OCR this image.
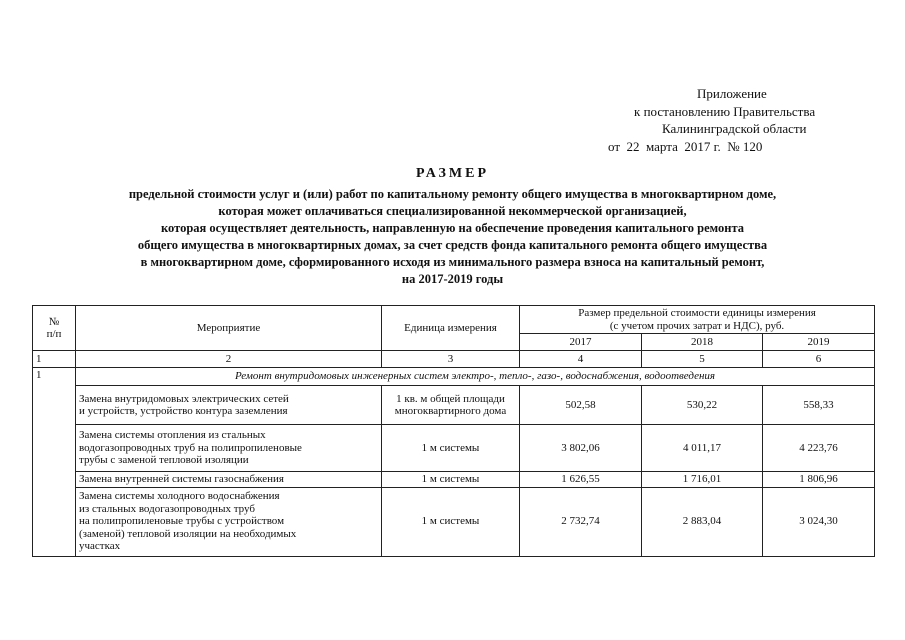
Приложение
к постановлению Правительства
Калининградской области
от  22  марта  2017 г.  № 120
РАЗМЕР
предельной стоимости услуг и (или) работ по капитальному ремонту общего имущества в многоквартирном доме,
которая может оплачиваться специализированной некоммерческой организацией,
которая осуществляет деятельность, направленную на обеспечение проведения капитального ремонта
общего имущества в многоквартирных домах, за счет средств фонда капитального ремонта общего имущества
в многоквартирном доме, сформированного исходя из минимального размера взноса на капитальный ремонт,
на 2017-2019 годы
№
п/п	Мероприятие	Единица измерения	Размер предельной стоимости единицы измерения
(с учетом прочих затрат и НДС), руб.		
			2017	2018	2019
1	2	3	4	5	6
1	Ремонт внутридомовых инженерных систем электро-, тепло-, газо-, водоснабжения, водоотведения				
	Замена внутридомовых электрических сетей
и устройств, устройство контура заземления	1 кв. м общей площади
многоквартирного дома	502,58	530,22	558,33
	Замена системы отопления из стальных
водогазопроводных труб на полипропиленовые
трубы с заменой тепловой изоляции	1 м системы	3 802,06	4 011,17	4 223,76
	Замена внутренней системы газоснабжения	1 м системы	1 626,55	1 716,01	1 806,96
	Замена системы холодного водоснабжения
из стальных водогазопроводных труб
на полипропиленовые трубы с устройством
(заменой) тепловой изоляции на необходимых
участках	1 м системы	2 732,74	2 883,04	3 024,30
